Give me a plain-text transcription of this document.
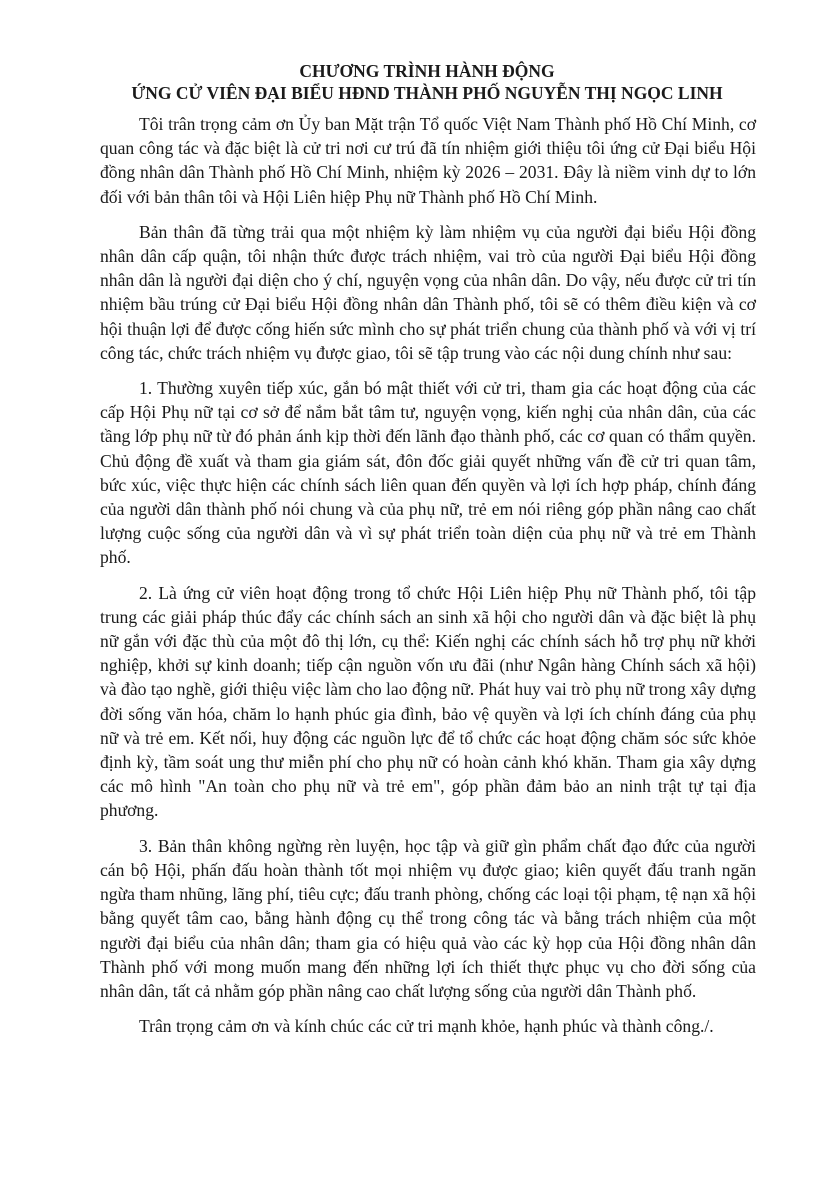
CHƯƠNG TRÌNH HÀNH ĐỘNG
ỨNG CỬ VIÊN ĐẠI BIỂU HĐND THÀNH PHỐ NGUYỄN THỊ NGỌC LINH

Tôi trân trọng cảm ơn Ủy ban Mặt trận Tổ quốc Việt Nam Thành phố Hồ Chí Minh, cơ quan công tác và đặc biệt là cử tri nơi cư trú đã tín nhiệm giới thiệu tôi ứng cử Đại biểu Hội đồng nhân dân Thành phố Hồ Chí Minh, nhiệm kỳ 2026 – 2031. Đây là niềm vinh dự to lớn đối với bản thân tôi và Hội Liên hiệp Phụ nữ Thành phố Hồ Chí Minh.

Bản thân đã từng trải qua một nhiệm kỳ làm nhiệm vụ của người đại biểu Hội đồng nhân dân cấp quận, tôi nhận thức được trách nhiệm, vai trò của người Đại biểu Hội đồng nhân dân là người đại diện cho ý chí, nguyện vọng của nhân dân. Do vậy, nếu được cử tri tín nhiệm bầu trúng cử Đại biểu Hội đồng nhân dân Thành phố, tôi sẽ có thêm điều kiện và cơ hội thuận lợi để được cống hiến sức mình cho sự phát triển chung của thành phố và với vị trí công tác, chức trách nhiệm vụ được giao, tôi sẽ tập trung vào các nội dung chính như sau:

1. Thường xuyên tiếp xúc, gắn bó mật thiết với cử tri, tham gia các hoạt động của các cấp Hội Phụ nữ tại cơ sở để nắm bắt tâm tư, nguyện vọng, kiến nghị của nhân dân, của các tầng lớp phụ nữ từ đó phản ánh kịp thời đến lãnh đạo thành phố, các cơ quan có thẩm quyền. Chủ động đề xuất và tham gia giám sát, đôn đốc giải quyết những vấn đề cử tri quan tâm, bức xúc, việc thực hiện các chính sách liên quan đến quyền và lợi ích hợp pháp, chính đáng của người dân thành phố nói chung và của phụ nữ, trẻ em nói riêng góp phần nâng cao chất lượng cuộc sống của người dân và vì sự phát triển toàn diện của phụ nữ và trẻ em Thành phố.

2. Là ứng cử viên hoạt động trong tổ chức Hội Liên hiệp Phụ nữ Thành phố, tôi tập trung các giải pháp thúc đẩy các chính sách an sinh xã hội cho người dân và đặc biệt là phụ nữ gắn với đặc thù của một đô thị lớn, cụ thể: Kiến nghị các chính sách hỗ trợ phụ nữ khởi nghiệp, khởi sự kinh doanh; tiếp cận nguồn vốn ưu đãi (như Ngân hàng Chính sách xã hội) và đào tạo nghề, giới thiệu việc làm cho lao động nữ. Phát huy vai trò phụ nữ trong xây dựng đời sống văn hóa, chăm lo hạnh phúc gia đình, bảo vệ quyền và lợi ích chính đáng của phụ nữ và trẻ em. Kết nối, huy động các nguồn lực để tổ chức các hoạt động chăm sóc sức khỏe định kỳ, tầm soát ung thư miễn phí cho phụ nữ có hoàn cảnh khó khăn. Tham gia xây dựng các mô hình "An toàn cho phụ nữ và trẻ em", góp phần đảm bảo an ninh trật tự tại địa phương.

3. Bản thân không ngừng rèn luyện, học tập và giữ gìn phẩm chất đạo đức của người cán bộ Hội, phấn đấu hoàn thành tốt mọi nhiệm vụ được giao; kiên quyết đấu tranh ngăn ngừa tham nhũng, lãng phí, tiêu cực; đấu tranh phòng, chống các loại tội phạm, tệ nạn xã hội bằng quyết tâm cao, bằng hành động cụ thể trong công tác và bằng trách nhiệm của một người đại biểu của nhân dân; tham gia có hiệu quả vào các kỳ họp của Hội đồng nhân dân Thành phố với mong muốn mang đến những lợi ích thiết thực phục vụ cho đời sống của nhân dân, tất cả nhằm góp phần nâng cao chất lượng sống của người dân Thành phố.

Trân trọng cảm ơn và kính chúc các cử tri mạnh khỏe, hạnh phúc và thành công./.
